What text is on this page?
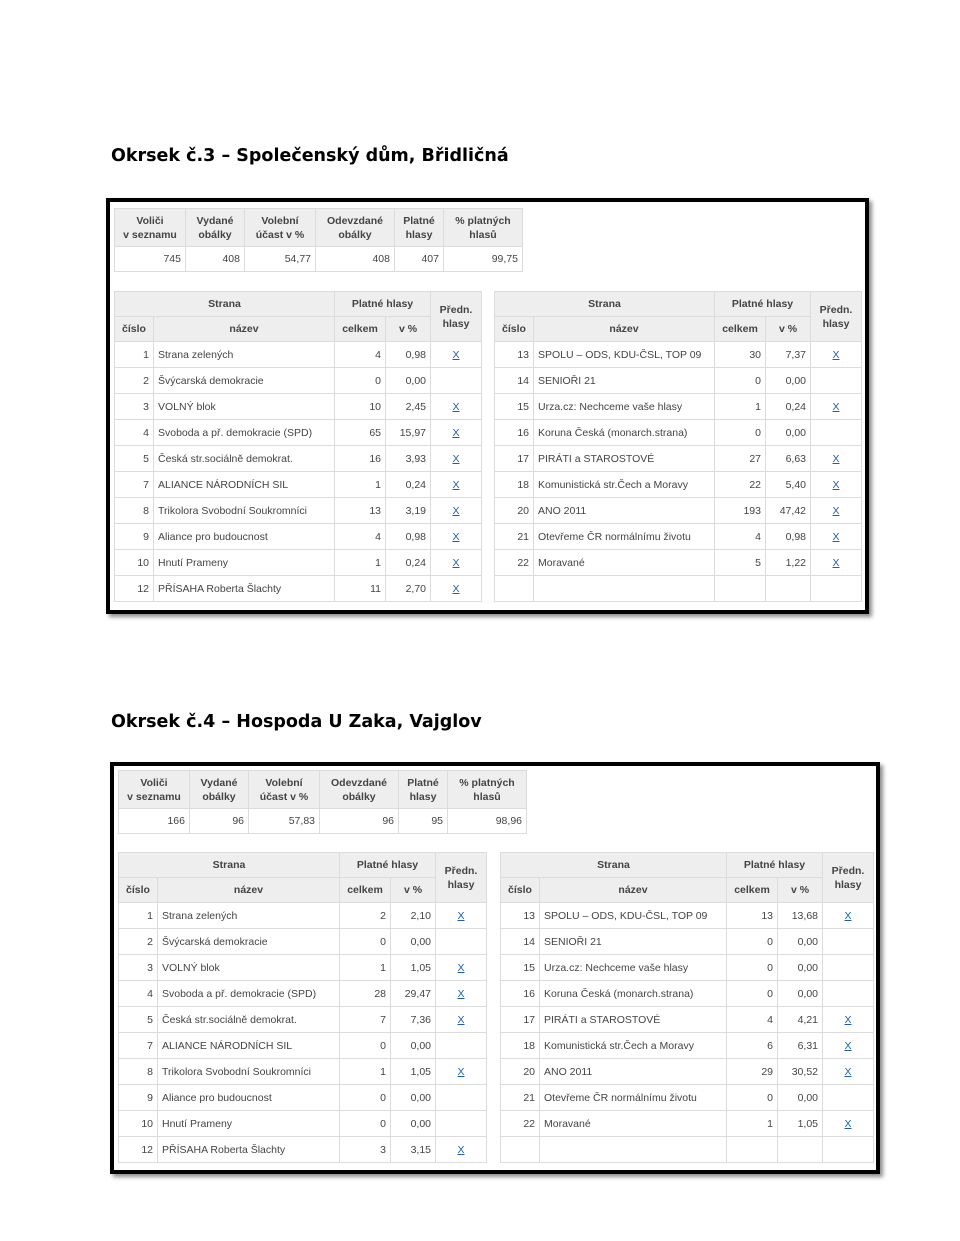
Okrsek č.3 – Společenský dům, Břidličná
Voliči
v seznamu	Vydané
obálky	Volební
účast v %	Odevzdané
obálky	Platné
hlasy	% platných
hlasů
745	408	54,77	408	407	99,75
Strana		Platné hlasy		Předn.
hlasy
číslo	název	celkem	v %	
1	Strana zelených	4	0,98	X
2	Švýcarská demokracie	0	0,00	
3	VOLNÝ blok	10	2,45	X
4	Svoboda a př. demokracie (SPD)	65	15,97	X
5	Česká str.sociálně demokrat.	16	3,93	X
7	ALIANCE NÁRODNÍCH SIL	1	0,24	X
8	Trikolora Svobodní Soukromníci	13	3,19	X
9	Aliance pro budoucnost	4	0,98	X
10	Hnutí Prameny	1	0,24	X
12	PŘÍSAHA Roberta Šlachty	11	2,70	X
Strana		Platné hlasy		Předn.
hlasy
číslo	název	celkem	v %	
13	SPOLU – ODS, KDU-ČSL, TOP 09	30	7,37	X
14	SENIOŘI 21	0	0,00	
15	Urza.cz: Nechceme vaše hlasy	1	0,24	X
16	Koruna Česká (monarch.strana)	0	0,00	
17	PIRÁTI a STAROSTOVÉ	27	6,63	X
18	Komunistická str.Čech a Moravy	22	5,40	X
20	ANO 2011	193	47,42	X
21	Otevřeme ČR normálnímu životu	4	0,98	X
22	Moravané	5	1,22	X

Okrsek č.4 – Hospoda U Zaka, Vajglov
Voliči
v seznamu	Vydané
obálky	Volební
účast v %	Odevzdané
obálky	Platné
hlasy	% platných
hlasů
166	96	57,83	96	95	98,96
Strana		Platné hlasy		Předn.
hlasy
číslo	název	celkem	v %	
1	Strana zelených	2	2,10	X
2	Švýcarská demokracie	0	0,00	
3	VOLNÝ blok	1	1,05	X
4	Svoboda a př. demokracie (SPD)	28	29,47	X
5	Česká str.sociálně demokrat.	7	7,36	X
7	ALIANCE NÁRODNÍCH SIL	0	0,00	
8	Trikolora Svobodní Soukromníci	1	1,05	X
9	Aliance pro budoucnost	0	0,00	
10	Hnutí Prameny	0	0,00	
12	PŘÍSAHA Roberta Šlachty	3	3,15	X
Strana		Platné hlasy		Předn.
hlasy
číslo	název	celkem	v %	
13	SPOLU – ODS, KDU-ČSL, TOP 09	13	13,68	X
14	SENIOŘI 21	0	0,00	
15	Urza.cz: Nechceme vaše hlasy	0	0,00	
16	Koruna Česká (monarch.strana)	0	0,00	
17	PIRÁTI a STAROSTOVÉ	4	4,21	X
18	Komunistická str.Čech a Moravy	6	6,31	X
20	ANO 2011	29	30,52	X
21	Otevřeme ČR normálnímu životu	0	0,00	
22	Moravané	1	1,05	X
